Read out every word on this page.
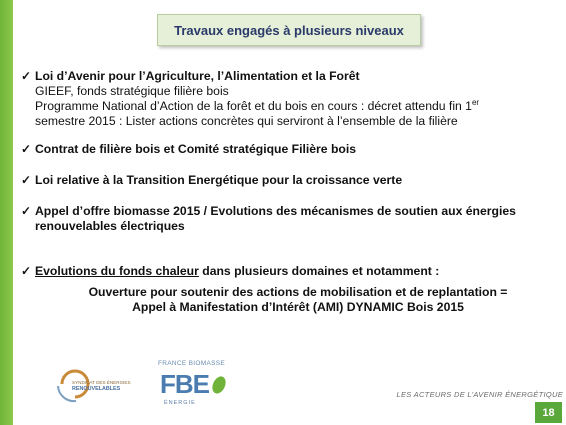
Travaux engagés à plusieurs niveaux
✓ Loi d’Avenir pour l’Agriculture, l’Alimentation et la Forêt
GIEEF, fonds stratégique filière bois
Programme National d’Action de la forêt et du bois en cours : décret attendu fin 1er
semestre 2015 : Lister actions concrètes qui serviront à l’ensemble de la filière
✓ Contrat de filière bois et Comité stratégique Filière bois
✓ Loi relative à la Transition Energétique pour la croissance verte
✓ Appel d’offre biomasse 2015 / Evolutions des mécanismes de soutien aux énergies renouvelables électriques
✓ Evolutions du fonds chaleur dans plusieurs domaines et notamment :
Ouverture pour soutenir des actions de mobilisation et de replantation =
Appel à Manifestation d’Intérêt (AMI) DYNAMIC Bois 2015
SYNDICAT DES ÉNERGIES
RENOUVELABLES
FRANCE BIOMASSE
FBE
ÉNERGIE
LES ACTEURS DE L’AVENIR ÉNERGÉTIQUE
18
